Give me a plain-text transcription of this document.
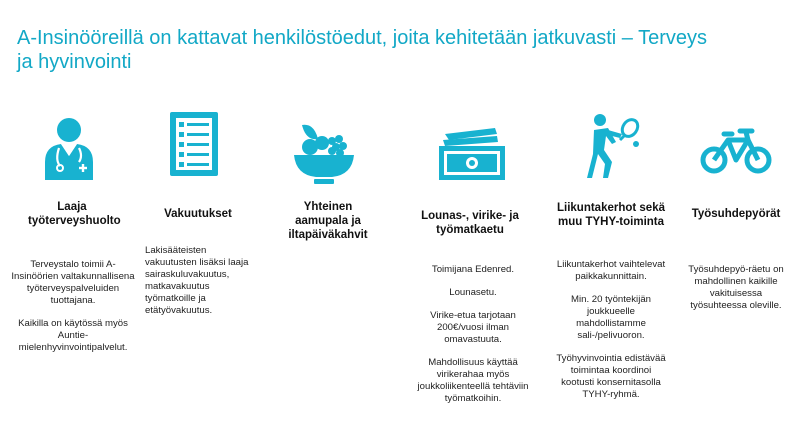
A-Insinööreillä on kattavat henkilöstöedut, joita kehitetään jatkuvasti – Terveys ja hyvinvointi
Laaja työterveyshuolto

Terveystalo toimii A-Insinöörien valtakunnallisena työterveyspalveluiden tuottajana.

Kaikilla on käytössä myös Auntie-mielenhyvinvointipalvelut.

Vakuutukset

Lakisääteisten vakuutusten lisäksi laaja sairaskuluvakuutus, matkavakuutus työmatkoille ja etätyövakuutus.

Yhteinen aamupala ja iltapäiväkahvit
Lounas-, virike- ja työmatkaetu

Toimijana Edenred.

Lounasetu.

Virike-etua tarjotaan 200€/vuosi ilman omavastuuta.

Mahdollisuus käyttää virikerahaa myös joukkoliikenteellä tehtäviin työmatkoihin.

Liikuntakerhot sekä muu TYHY-toiminta

Liikuntakerhot vaihtelevat paikkakunnittain.

Min. 20 työntekijän joukkueelle mahdollistamme sali-/pelivuoron.

Työhyvinvointia edistävää toimintaa koordinoi kootusti konsernitasolla TYHY-ryhmä.

Työsuhdepyörät

Työsuhdepyö-räetu on mahdollinen kaikille vakituisessa työsuhteessa oleville.
